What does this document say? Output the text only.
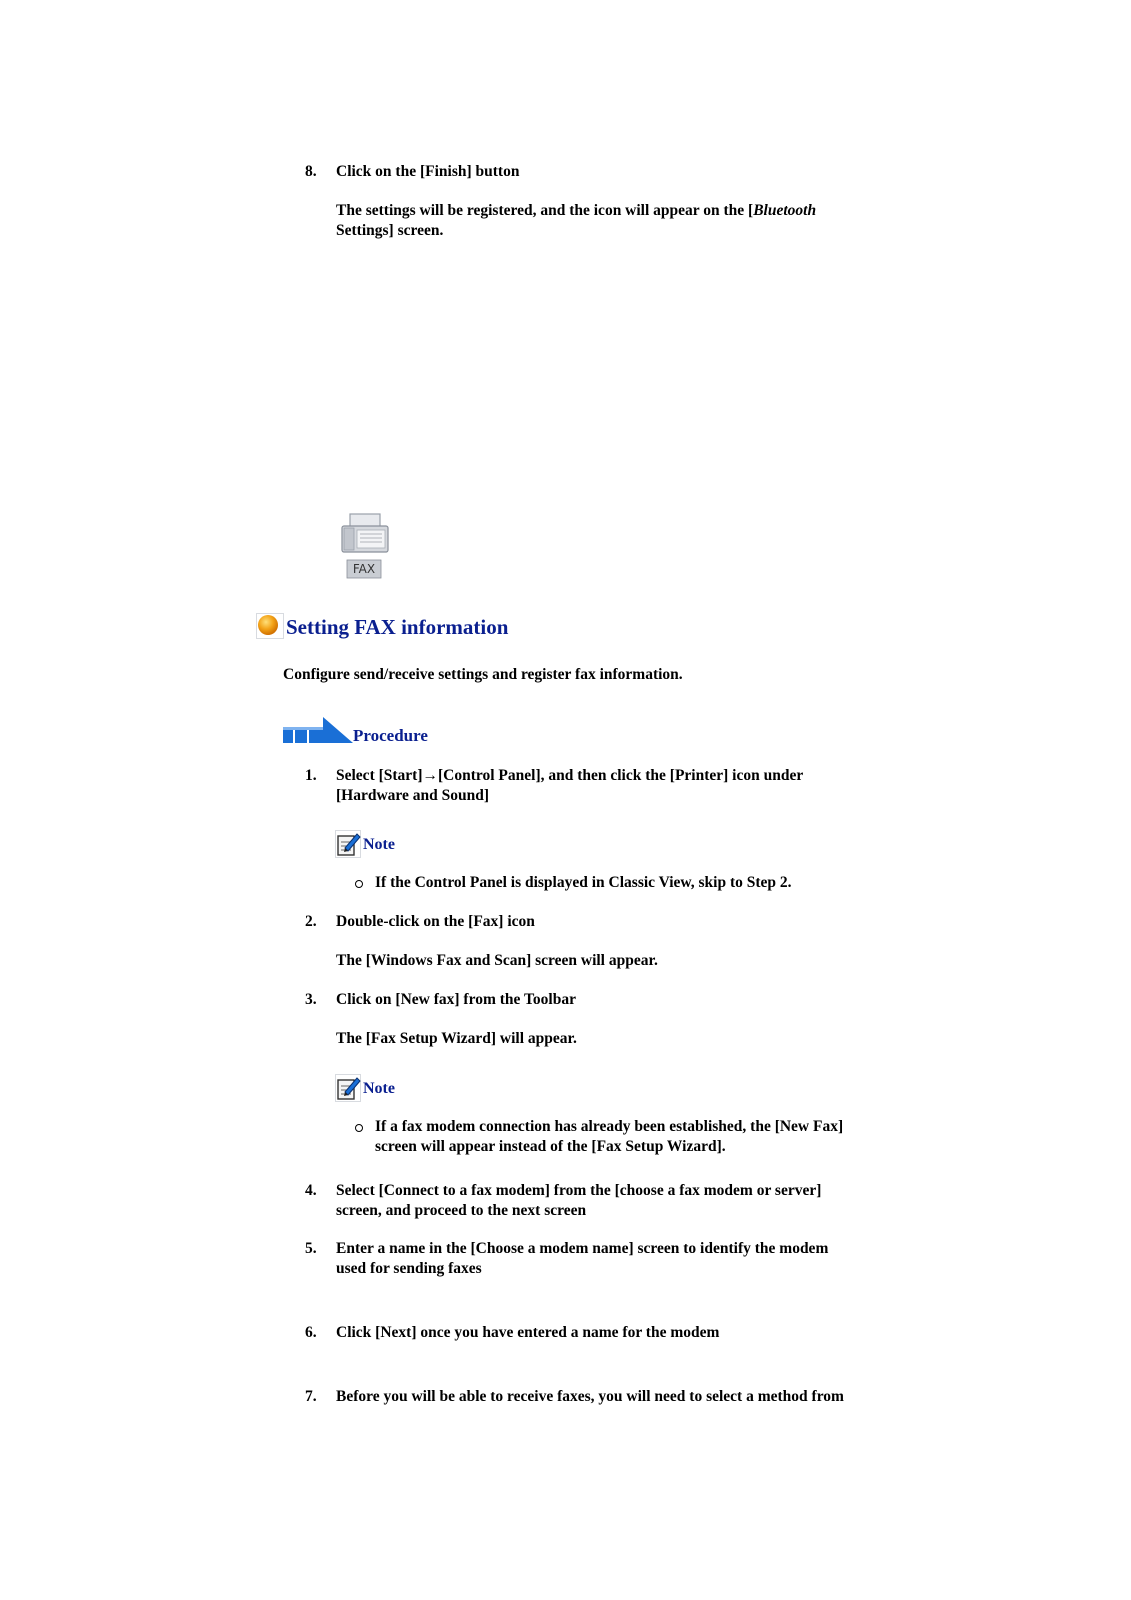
8.	Click on the [Finish] button
The settings will be registered, and the icon will appear on the [Bluetooth
Settings] screen.
FAX
Setting FAX information
Configure send/receive settings and register fax information.
Procedure
1.	Select [Start]→[Control Panel], and then click the [Printer] icon under
[Hardware and Sound]
Note
If the Control Panel is displayed in Classic View, skip to Step 2.
2.	Double-click on the [Fax] icon
The [Windows Fax and Scan] screen will appear.
3.	Click on [New fax] from the Toolbar
The [Fax Setup Wizard] will appear.
Note
If a fax modem connection has already been established, the [New Fax]
screen will appear instead of the [Fax Setup Wizard].
4.	Select [Connect to a fax modem] from the [choose a fax modem or server]
screen, and proceed to the next screen
5.	Enter a name in the [Choose a modem name] screen to identify the modem
used for sending faxes
6.	Click [Next] once you have entered a name for the modem
7.	Before you will be able to receive faxes, you will need to select a method from
